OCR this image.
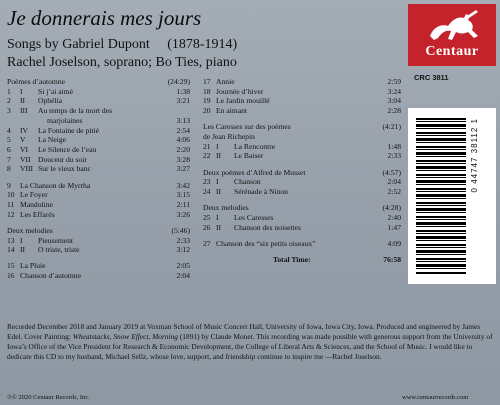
Je donnerais mes jours
Songs by Gabriel Dupont (1878-1914)
Rachel Joselson, soprano; Bo Ties, piano
Centaur
CRC 3811
0 44747 38112 1
Poèmes d’automne	(24:29)
1 I Si j’ai aimé	1:38
2 II Ophélia	3:21
3 III Au temps de la mort des
marjolaines	3:13
4 IV La Fontaine de pitié	2:54
5 V La Neige	4:06
6 VI Le Silence de l’eau	2:20
7 VII Douceur du soir	3:28
8 VIII Sur le vieux banc	3:27
9 La Chanson de Myrrha	3:42
10 Le Foyer	3:15
11 Mandoline	2:11
12 Les Effarés	3:26
Deux melodies	(5:46)
13 I Pieusement	2:33
14 II O triste, triste	3:12
15 La Pluie	2:05
16 Chanson d’automne	2:04
17 Annie	2:59
18 Journée d’hiver	3:24
19 Le Jardin mouillé	3:04
20 En aimant	2:28
Les Caresses sur des poèmes	(4:21)
de Jean Richepin
21 I La Rencontre	1:48
22 II Le Baiser	2:33
Deux poèmes d’Alfred de Musset	(4:57)
23 I Chanson	2:04
24 II Sérénade à Ninon	2:52
Deux melodies	(4:28)
25 I Les Caresses	2:40
26 II Chanson des noisettes	1:47
27 Chanson des “six petits oiseaux”	4:09
Total Time:	76:58
Recorded December 2018 and January 2019 at Voxman School of Music Concert Hall, University of Iowa, Iowa City, Iowa. Produced and engineered by James Edel. Cover Painting: Wheatstacks, Snow Effect, Morning (1891) by Claude Monet. This recording was made possible with generous support from the University of Iowa’s Office of the Vice President for Research & Economic Development, the College of Liberal Arts & Sciences, and the School of Music. I would like to dedicate this CD to my husband, Michael Sellz, whose love, support, and friendship continue to inspire me —Rachel Joselson.
℗© 2020 Centaur Records, Inc.	www.centaurrecords.com
